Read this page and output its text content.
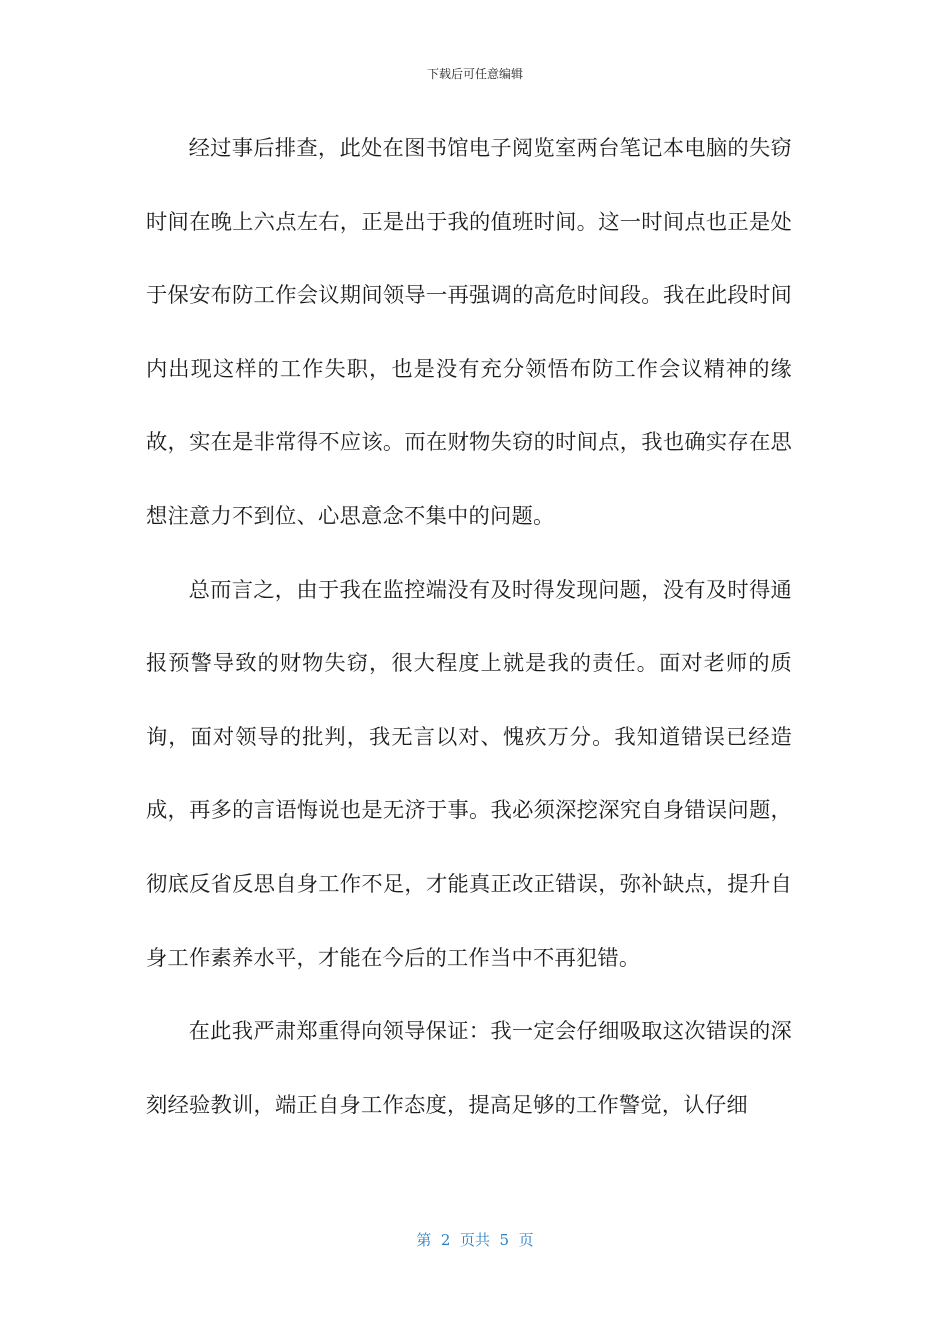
下载后可任意编辑

经过事后排查，此处在图书馆电子阅览室两台笔记本电脑的失窃时间在晚上六点左右，正是出于我的值班时间。这一时间点也正是处于保安布防工作会议期间领导一再强调的高危时间段。我在此段时间内出现这样的工作失职，也是没有充分领悟布防工作会议精神的缘故，实在是非常得不应该。而在财物失窃的时间点，我也确实存在思想注意力不到位、心思意念不集中的问题。

总而言之，由于我在监控端没有及时得发现问题，没有及时得通报预警导致的财物失窃，很大程度上就是我的责任。面对老师的质询，面对领导的批判，我无言以对、愧疚万分。我知道错误已经造成，再多的言语悔说也是无济于事。我必须深挖深究自身错误问题，彻底反省反思自身工作不足，才能真正改正错误，弥补缺点，提升自身工作素养水平，才能在今后的工作当中不再犯错。

在此我严肃郑重得向领导保证：我一定会仔细吸取这次错误的深刻经验教训，端正自身工作态度，提高足够的工作警觉，认仔细

第  2  页共  5  页
